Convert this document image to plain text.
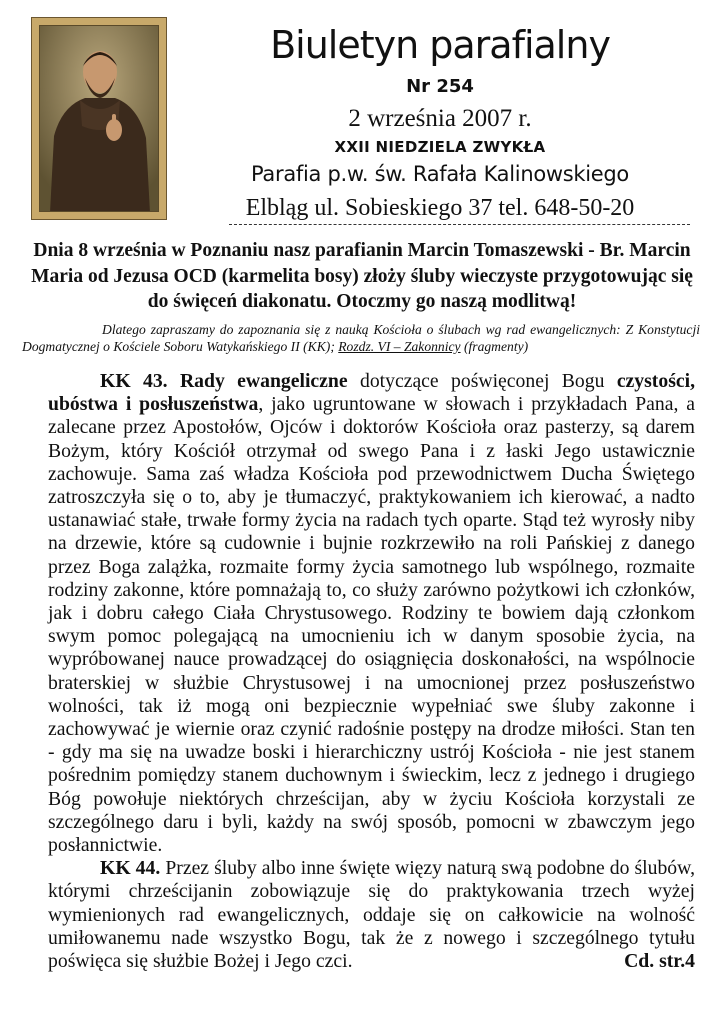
Biuletyn parafialny
Nr 254
2 września 2007 r.
XXII NIEDZIELA ZWYKŁA
Parafia p.w. św. Rafała Kalinowskiego
Elbląg ul. Sobieskiego 37 tel. 648-50-20
Dnia 8 września w Poznaniu nasz parafianin Marcin Tomaszewski - Br. Marcin Maria od Jezusa OCD (karmelita bosy) złoży śluby wieczyste przygotowując się do święceń diakonatu. Otoczmy go naszą modlitwą!
Dlatego zapraszamy do zapoznania się z nauką Kościoła o ślubach wg rad ewangelicznych: Z Konstytucji Dogmatycznej o Kościele Soboru Watykańskiego II (KK); Rozdz. VI – Zakonnicy (fragmenty)

KK 43. Rady ewangeliczne dotyczące poświęconej Bogu czystości, ubóstwa i posłuszeństwa, jako ugruntowane w słowach i przykładach Pana, a zalecane przez Apostołów, Ojców i doktorów Kościoła oraz pasterzy, są darem Bożym, który Kościół otrzymał od swego Pana i z łaski Jego ustawicznie zachowuje. Sama zaś władza Kościoła pod przewodnictwem Ducha Świętego zatroszczyła się o to, aby je tłumaczyć, praktykowaniem ich kierować, a nadto ustanawiać stałe, trwałe formy życia na radach tych oparte. Stąd też wyrosły niby na drzewie, które są cudownie i bujnie rozkrzewiło na roli Pańskiej z danego przez Boga zalążka, rozmaite formy życia samotnego lub wspólnego, rozmaite rodziny zakonne, które pomnażają to, co służy zarówno pożytkowi ich członków, jak i dobru całego Ciała Chrystusowego. Rodziny te bowiem dają członkom swym pomoc polegającą na umocnieniu ich w danym sposobie życia, na wypróbowanej nauce prowadzącej do osiągnięcia doskonałości, na wspólnocie braterskiej w służbie Chrystusowej i na umocnionej przez posłuszeństwo wolności, tak iż mogą oni bezpiecznie wypełniać swe śluby zakonne i zachowywać je wiernie oraz czynić radośnie postępy na drodze miłości. Stan ten - gdy ma się na uwadze boski i hierarchiczny ustrój Kościoła - nie jest stanem pośrednim pomiędzy stanem duchownym i świeckim, lecz z jednego i drugiego Bóg powołuje niektórych chrześcijan, aby w życiu Kościoła korzystali ze szczególnego daru i byli, każdy na swój sposób, pomocni w zbawczym jego posłannictwie.

KK 44. Przez śluby albo inne święte więzy naturą swą podobne do ślubów, którymi chrześcijanin zobowiązuje się do praktykowania trzech wyżej wymienionych rad ewangelicznych, oddaje się on całkowicie na wolność umiłowanemu nade wszystko Bogu, tak że z nowego i szczególnego tytułu poświęca się służbie Bożej i Jego czci.	Cd. str.4
